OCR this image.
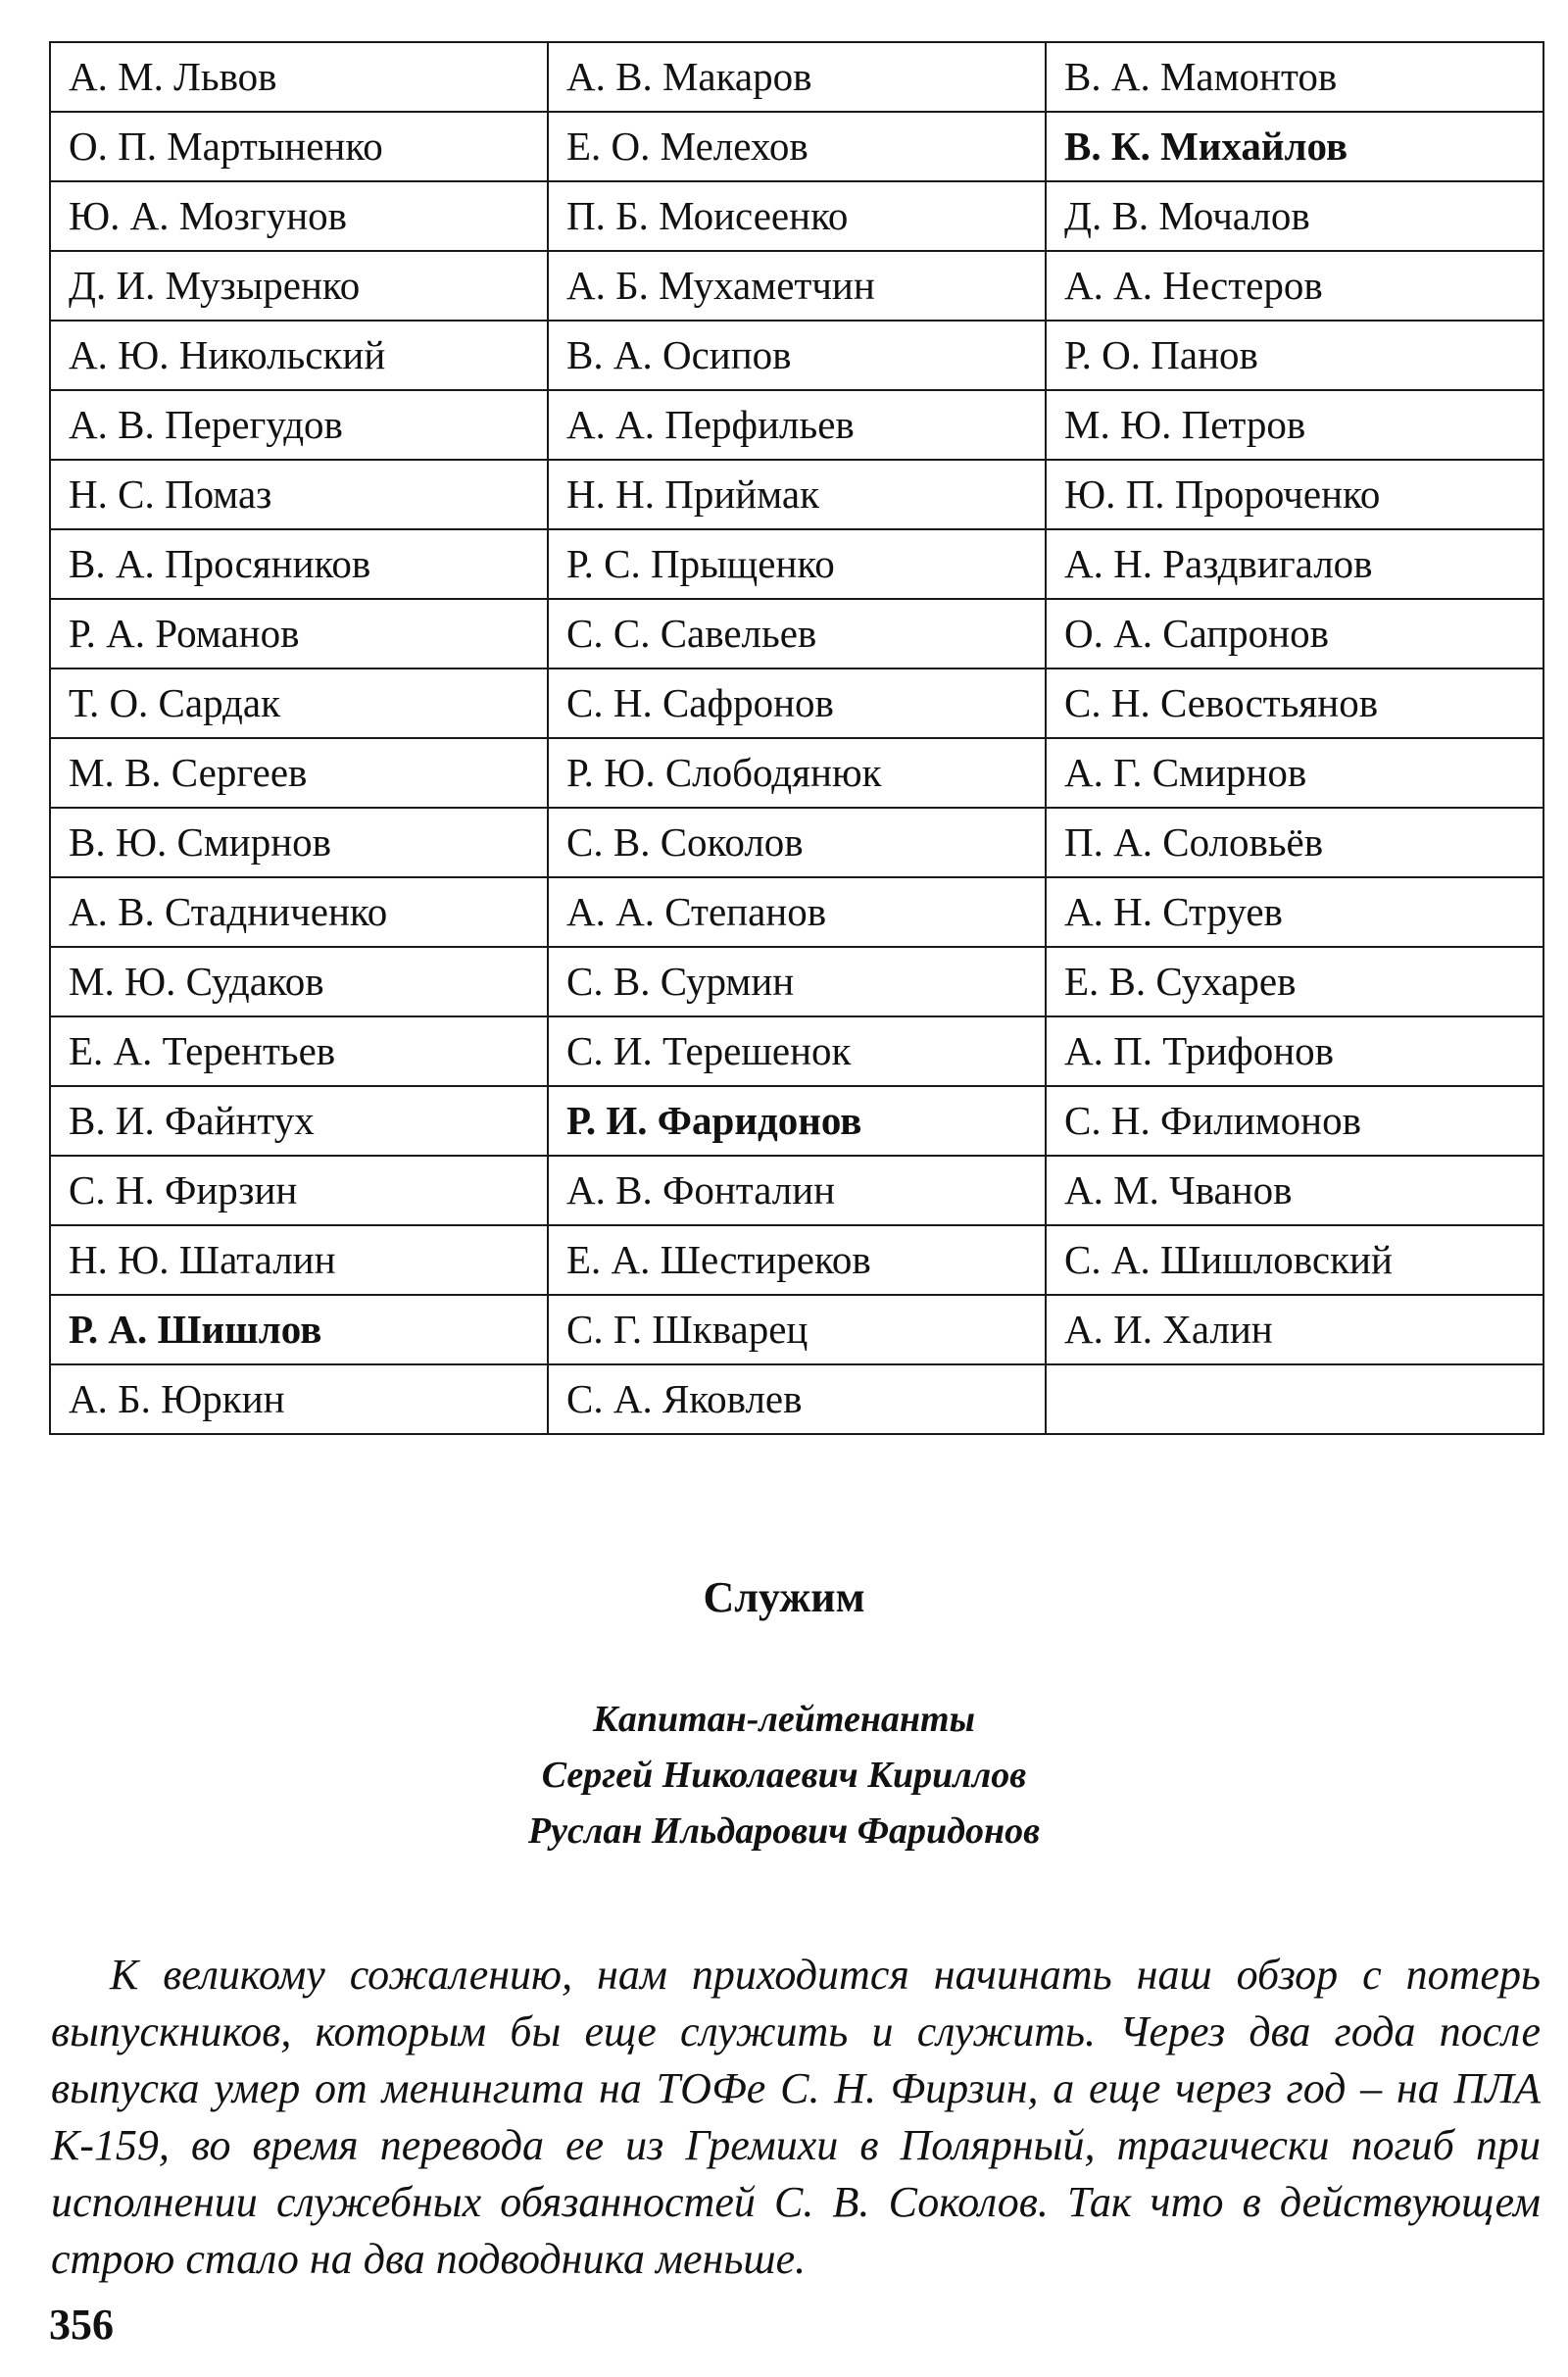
А. М. Львов	А. В. Макаров	В. А. Мамонтов
О. П. Мартыненко	Е. О. Мелехов	В. К. Михайлов
Ю. А. Мозгунов	П. Б. Моисеенко	Д. В. Мочалов
Д. И. Музыренко	А. Б. Мухаметчин	А. А. Нестеров
А. Ю. Никольский	В. А. Осипов	Р. О. Панов
А. В. Перегудов	А. А. Перфильев	М. Ю. Петров
Н. С. Помаз	Н. Н. Приймак	Ю. П. Пророченко
В. А. Просяников	Р. С. Прыщенко	А. Н. Раздвигалов
Р. А. Романов	С. С. Савельев	О. А. Сапронов
Т. О. Сардак	С. Н. Сафронов	С. Н. Севостьянов
М. В. Сергеев	Р. Ю. Слободянюк	А. Г. Смирнов
В. Ю. Смирнов	С. В. Соколов	П. А. Соловьёв
А. В. Стадниченко	А. А. Степанов	А. Н. Струев
М. Ю. Судаков	С. В. Сурмин	Е. В. Сухарев
Е. А. Терентьев	С. И. Терешенок	А. П. Трифонов
В. И. Файнтух	Р. И. Фаридонов	С. Н. Филимонов
С. Н. Фирзин	А. В. Фонталин	А. М. Чванов
Н. Ю. Шаталин	Е. А. Шестиреков	С. А. Шишловский
Р. А. Шишлов	С. Г. Шкварец	А. И. Халин
А. Б. Юркин	С. А. Яковлев	
Служим
Капитан-лейтенанты
Сергей Николаевич Кириллов
Руслан Ильдарович Фаридонов

К великому сожалению, нам приходится начинать наш обзор с потерь выпускников, которым бы еще служить и служить. Через два года после выпуска умер от менингита на ТОФе С. Н. Фирзин, а еще через год – на ПЛА К-159, во время перевода ее из Гремихи в Полярный, трагически погиб при исполнении служебных обязанностей С. В. Соколов. Так что в действующем строю стало на два подводника меньше.

356
